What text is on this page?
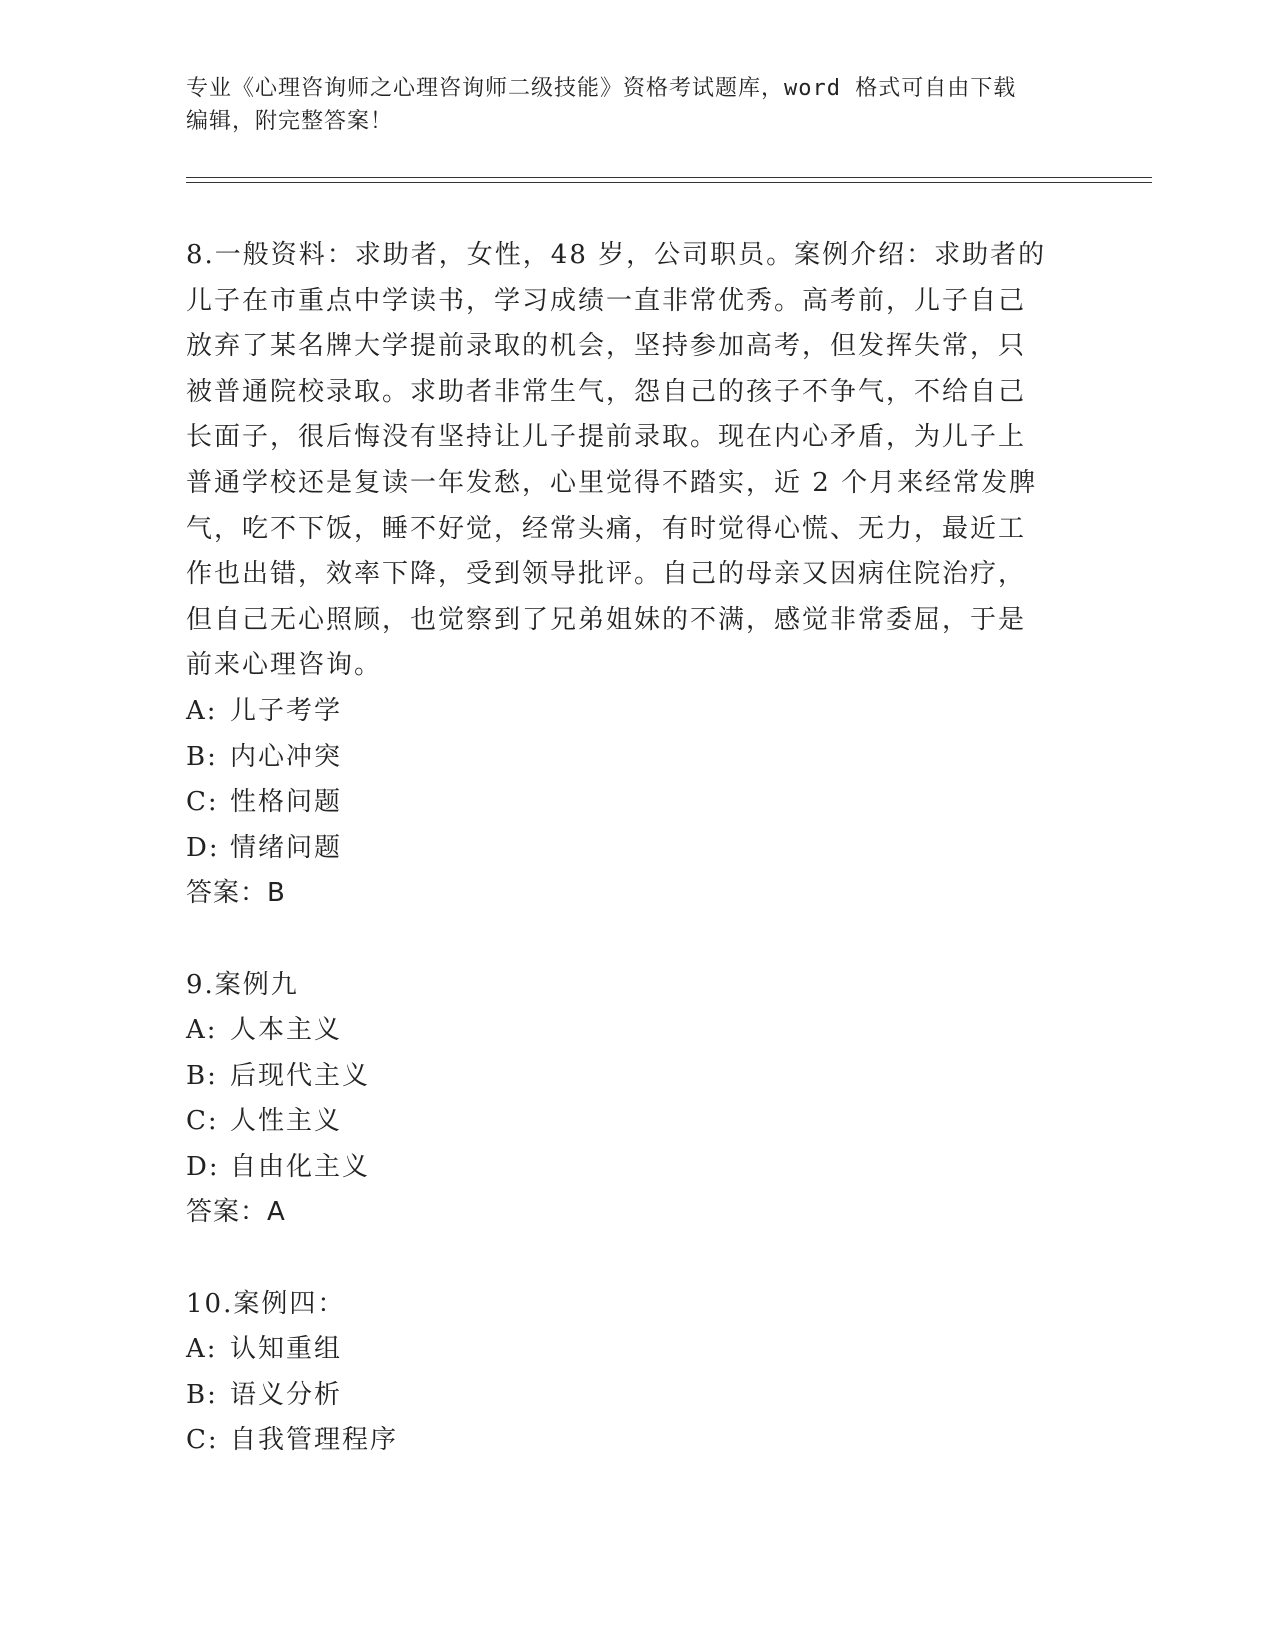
专业《心理咨询师之心理咨询师二级技能》资格考试题库，word 格式可自由下载
编辑，附完整答案！

8.一般资料：求助者，女性，48 岁，公司职员。案例介绍：求助者的

儿子在市重点中学读书，学习成绩一直非常优秀。高考前，儿子自己

放弃了某名牌大学提前录取的机会，坚持参加高考，但发挥失常，只

被普通院校录取。求助者非常生气，怨自己的孩子不争气，不给自己

长面子，很后悔没有坚持让儿子提前录取。现在内心矛盾，为儿子上

普通学校还是复读一年发愁，心里觉得不踏实，近 2 个月来经常发脾

气，吃不下饭，睡不好觉，经常头痛，有时觉得心慌、无力，最近工

作也出错，效率下降，受到领导批评。自己的母亲又因病住院治疗，

但自己无心照顾，也觉察到了兄弟姐妹的不满，感觉非常委屈，于是

前来心理咨询。

A: 儿子考学

B: 内心冲突

C: 性格问题

D: 情绪问题

答案：B

9.案例九

A: 人本主义

B: 后现代主义

C: 人性主义

D: 自由化主义

答案：A

10.案例四：

A: 认知重组

B: 语义分析

C: 自我管理程序
